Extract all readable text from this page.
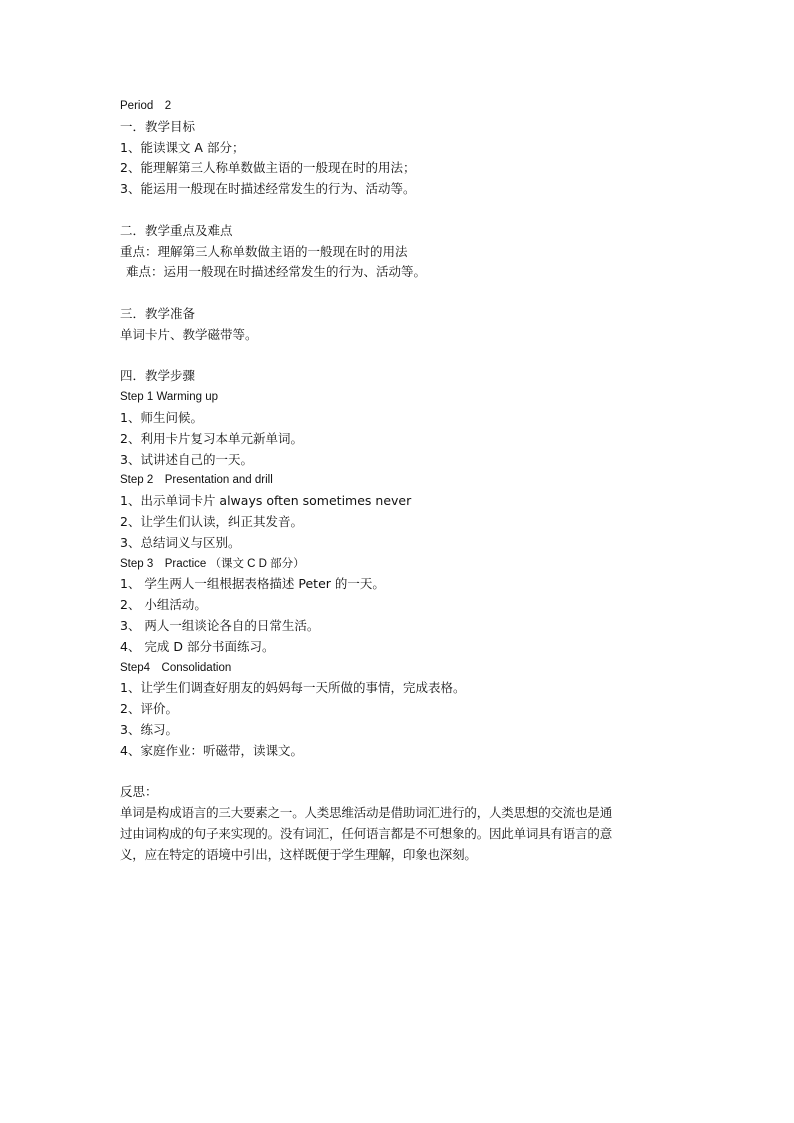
Period　2
一．教学目标
1、能读课文 A 部分；
2、能理解第三人称单数做主语的一般现在时的用法；
3、能运用一般现在时描述经常发生的行为、活动等。
二．教学重点及难点
重点：理解第三人称单数做主语的一般现在时的用法
难点：运用一般现在时描述经常发生的行为、活动等。
三．教学准备
单词卡片、教学磁带等。
四．教学步骤
Step 1 Warming up
1、师生问候。
2、利用卡片复习本单元新单词。
3、试讲述自己的一天。
Step 2　Presentation and drill
1、出示单词卡片 always often sometimes never
2、让学生们认读，纠正其发音。
3、总结词义与区别。
Step 3　Practice （课文 C D 部分）
1、 学生两人一组根据表格描述 Peter 的一天。
2、 小组活动。
3、 两人一组谈论各自的日常生活。
4、 完成 D 部分书面练习。
Step4　Consolidation
1、让学生们调查好朋友的妈妈每一天所做的事情，完成表格。
2、评价。
3、练习。
4、家庭作业：听磁带，读课文。
反思：
单词是构成语言的三大要素之一。人类思维活动是借助词汇进行的，人类思想的交流也是通
过由词构成的句子来实现的。没有词汇，任何语言都是不可想象的。因此单词具有语言的意
义，应在特定的语境中引出，这样既便于学生理解，印象也深刻。
